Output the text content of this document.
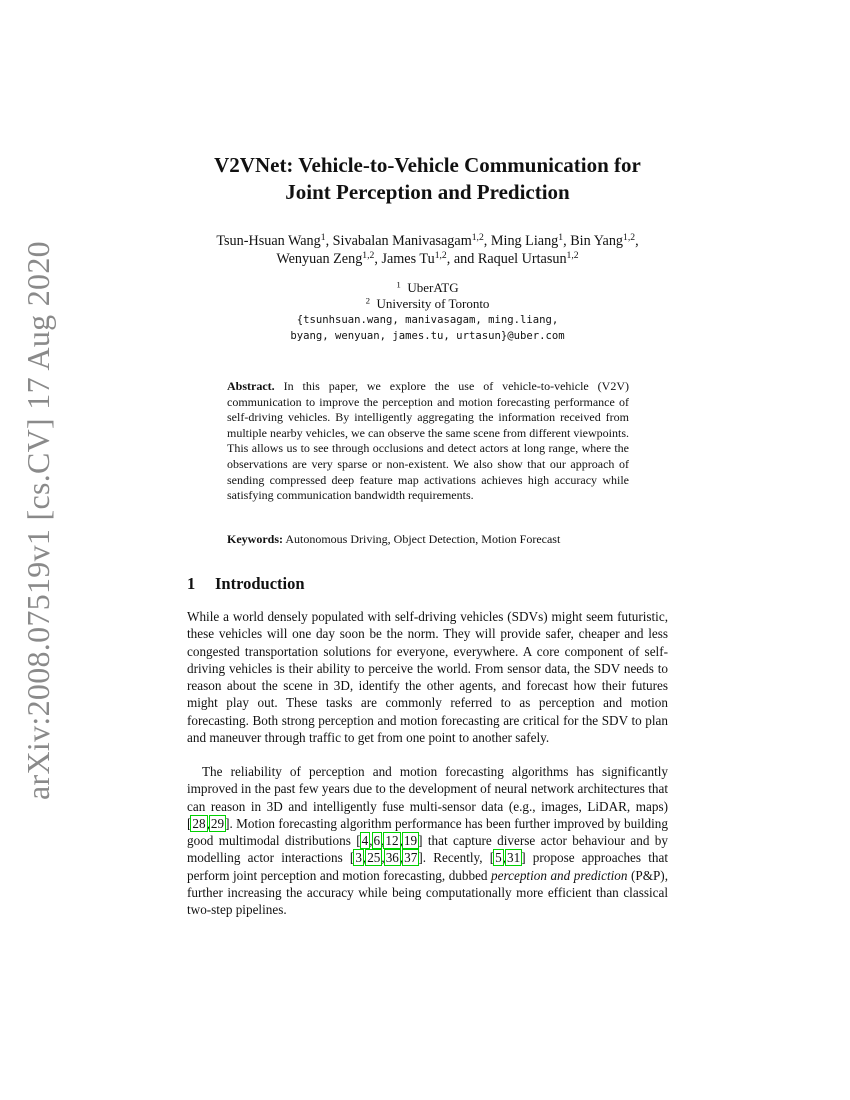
arXiv:2008.07519v1 [cs.CV] 17 Aug 2020
V2VNet: Vehicle-to-Vehicle Communication for
Joint Perception and Prediction
Tsun-Hsuan Wang$^1$, Sivabalan Manivasagam$^{1,2}$, Ming Liang$^1$, Bin Yang$^{1,2}$,
Wenyuan Zeng$^{1,2}$, James Tu$^{1,2}$, and Raquel Urtasun$^{1,2}$
$^1$ UberATG
$^2$ University of Toronto
{tsunhsuan.wang, manivasagam, ming.liang,
byang, wenyuan, james.tu, urtasun}@uber.com
Abstract. In this paper, we explore the use of vehicle-to-vehicle (V2V) communication to improve the perception and motion forecasting performance of self-driving vehicles. By intelligently aggregating the information received from multiple nearby vehicles, we can observe the same scene from different viewpoints. This allows us to see through occlusions and detect actors at long range, where the observations are very sparse or non-existent. We also show that our approach of sending compressed deep feature map activations achieves high accuracy while satisfying communication bandwidth requirements.
Keywords: Autonomous Driving, Object Detection, Motion Forecast
1 Introduction
While a world densely populated with self-driving vehicles (SDVs) might seem futuristic, these vehicles will one day soon be the norm. They will provide safer, cheaper and less congested transportation solutions for everyone, everywhere. A core component of self-driving vehicles is their ability to perceive the world. From sensor data, the SDV needs to reason about the scene in 3D, identify the other agents, and forecast how their futures might play out. These tasks are commonly referred to as perception and motion forecasting. Both strong perception and motion forecasting are critical for the SDV to plan and maneuver through traffic to get from one point to another safely.
The reliability of perception and motion forecasting algorithms has significantly improved in the past few years due to the development of neural network architectures that can reason in 3D and intelligently fuse multi-sensor data (e.g., images, LiDAR, maps) [28,29]. Motion forecasting algorithm performance has been further improved by building good multimodal distributions [4,6,12,19] that capture diverse actor behaviour and by modelling actor interactions [3,25,36,37]. Recently, [5,31] propose approaches that perform joint perception and motion forecasting, dubbed perception and prediction (P&P), further increasing the accuracy while being computationally more efficient than classical two-step pipelines.
